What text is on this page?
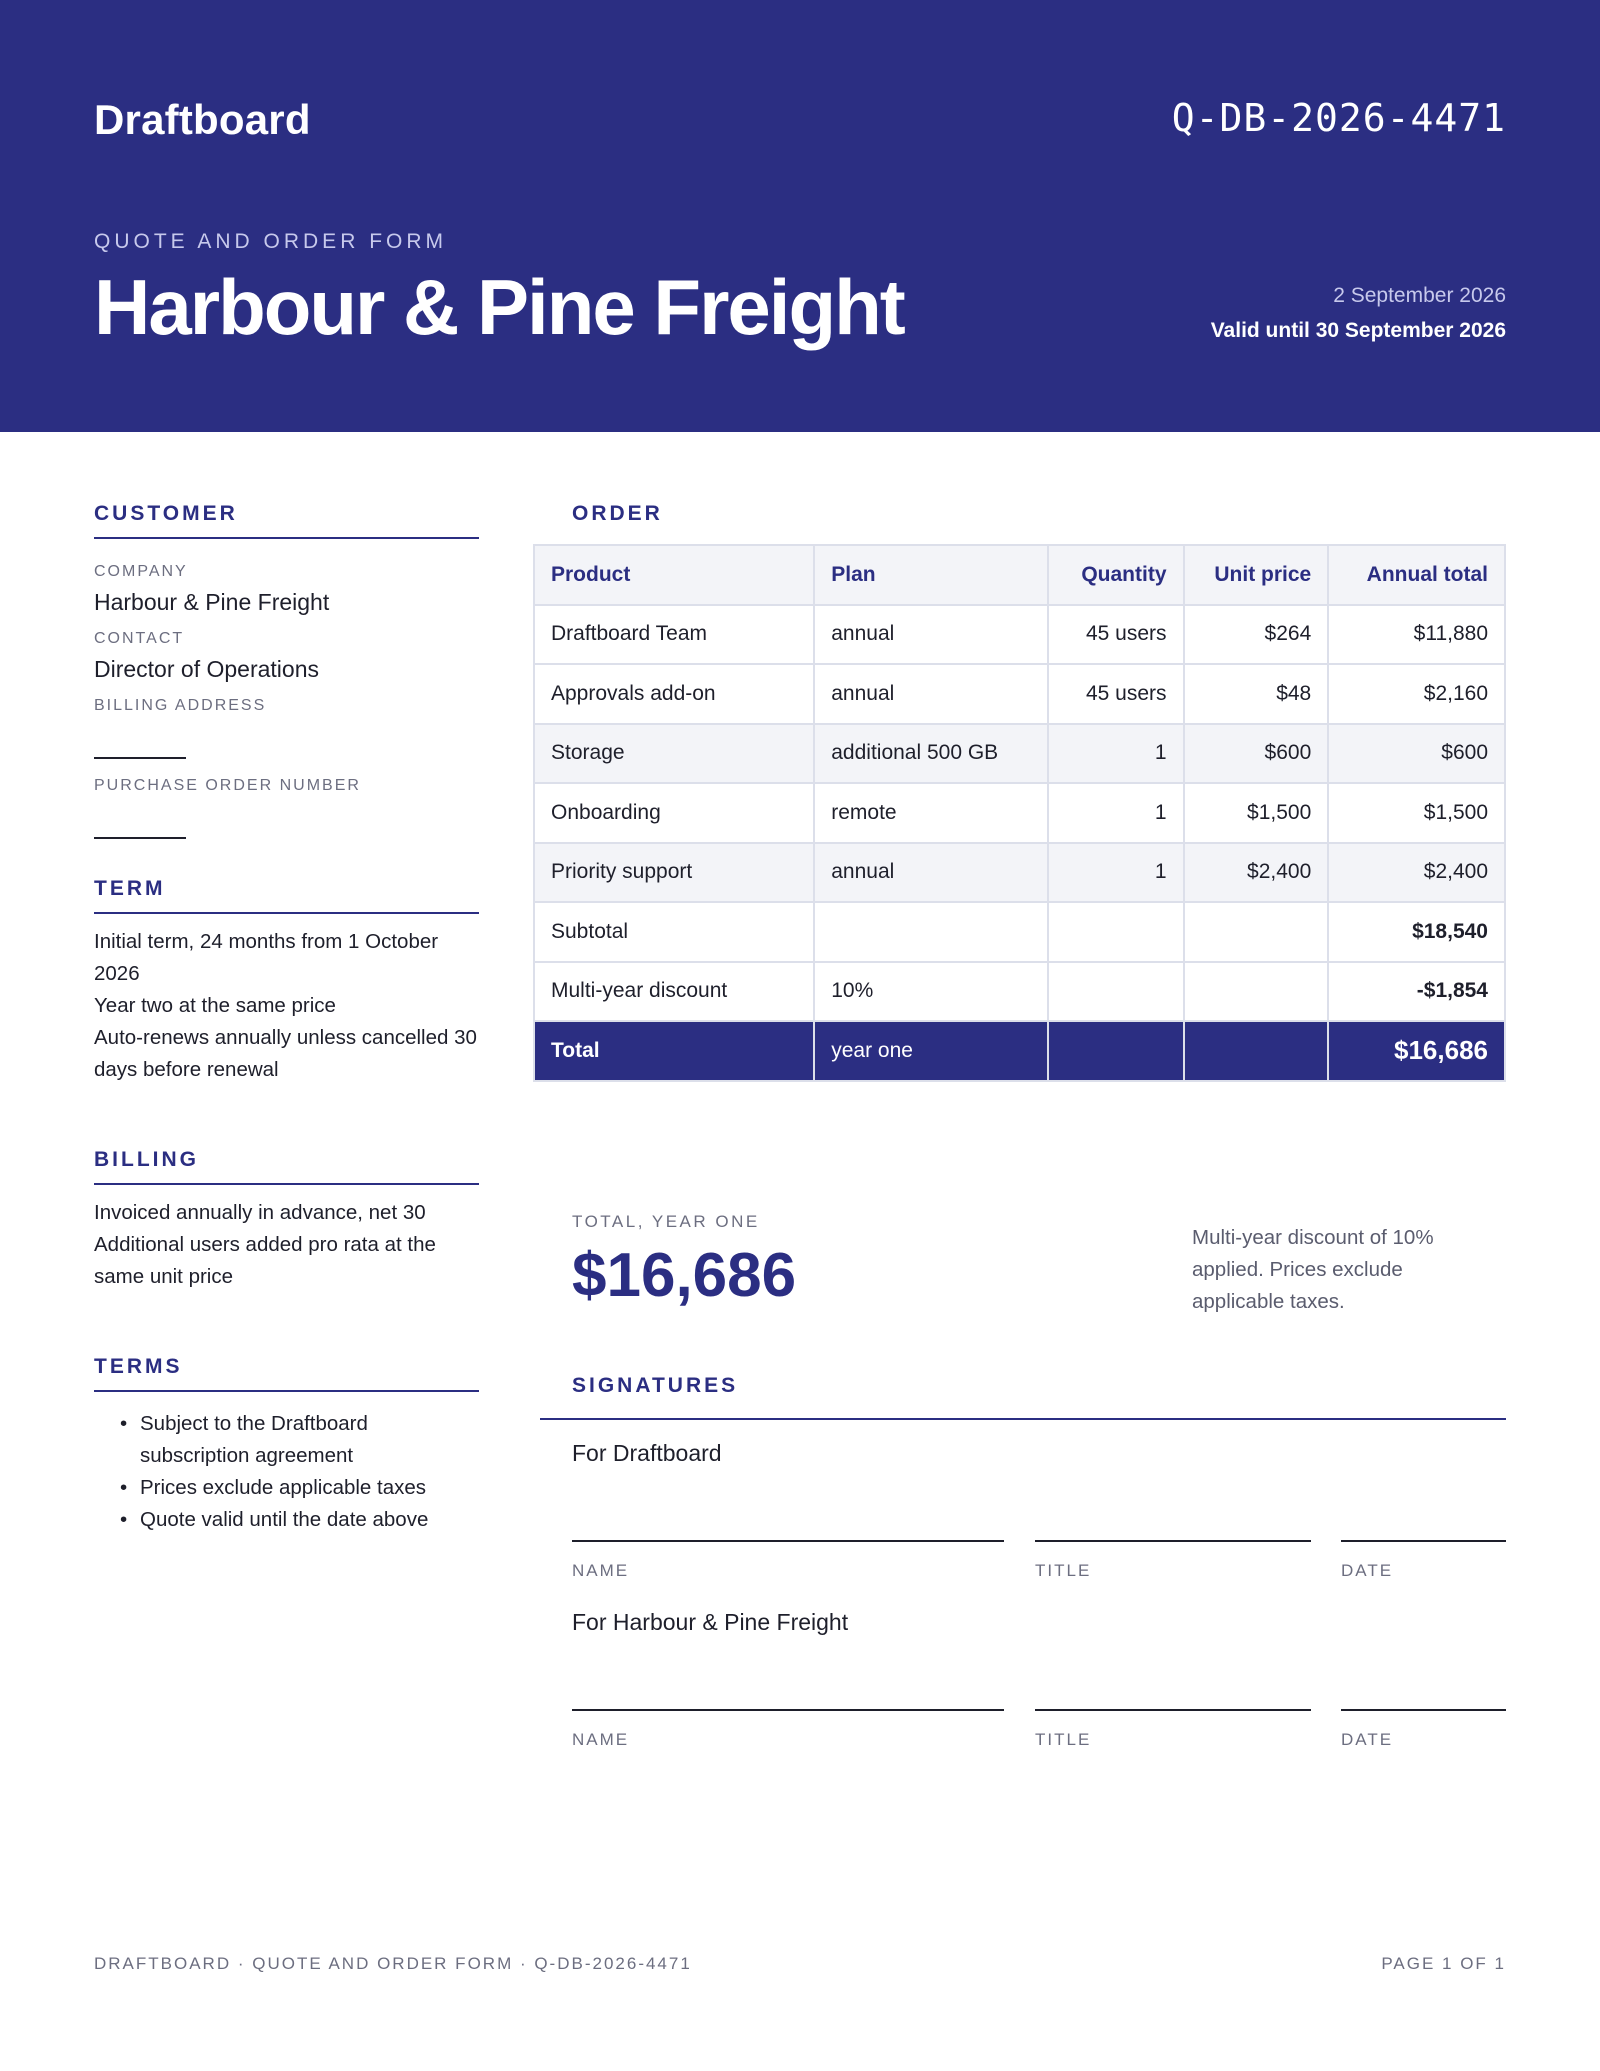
Draftboard	Q-DB-2026-4471
QUOTE AND ORDER FORM
Harbour & Pine Freight	2 September 2026
Valid until 30 September 2026
CUSTOMER
COMPANY
Harbour & Pine Freight
CONTACT
Director of Operations
BILLING ADDRESS
PURCHASE ORDER NUMBER
TERM
Initial term, 24 months from 1 October 2026
Year two at the same price
Auto-renews annually unless cancelled 30 days before renewal
BILLING
Invoiced annually in advance, net 30
Additional users added pro rata at the same unit price
TERMS
• Subject to the Draftboard subscription agreement
• Prices exclude applicable taxes
• Quote valid until the date above
ORDER
Product	Plan	Quantity	Unit price	Annual total
Draftboard Team	annual	45 users	$264	$11,880
Approvals add-on	annual	45 users	$48	$2,160
Storage	additional 500 GB	1	$600	$600
Onboarding	remote	1	$1,500	$1,500
Priority support	annual	1	$2,400	$2,400
Subtotal				$18,540
Multi-year discount	10%			-$1,854
Total	year one			$16,686
TOTAL, YEAR ONE
$16,686
Multi-year discount of 10% applied. Prices exclude applicable taxes.
SIGNATURES
For Draftboard
NAME	TITLE	DATE
For Harbour & Pine Freight
NAME	TITLE	DATE
DRAFTBOARD · QUOTE AND ORDER FORM · Q-DB-2026-4471	PAGE 1 OF 1
